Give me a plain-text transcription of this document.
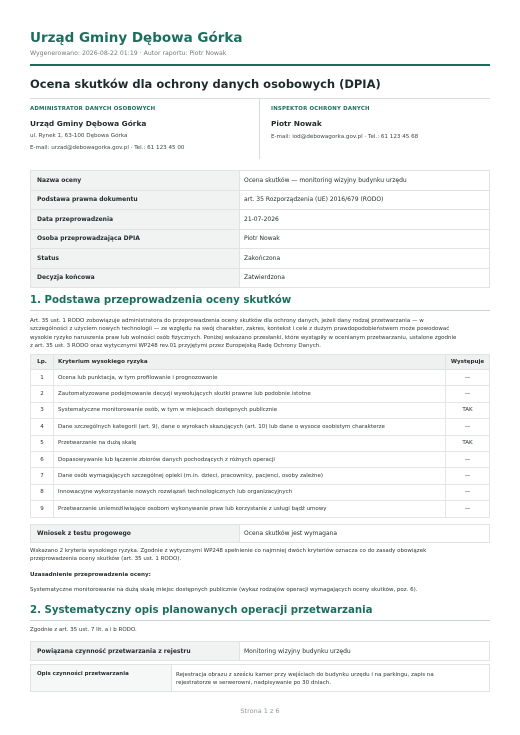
Urząd Gminy Dębowa Górka
Wygenerowano: 2026-08-22 01:19 · Autor raportu: Piotr Nowak
Ocena skutków dla ochrony danych osobowych (DPIA)
ADMINISTRATOR DANYCH OSOBOWYCH
Urząd Gminy Dębowa Górka
ul. Rynek 1, 63-100 Dębowa Górka
E-mail: urzad@debowagorka.gov.pl · Tel.: 61 123 45 00
INSPEKTOR OCHRONY DANYCH
Piotr Nowak
E-mail: iod@debowagorka.gov.pl · Tel.: 61 123 45 68
Nazwa oceny	Ocena skutków — monitoring wizyjny budynku urzędu
Podstawa prawna dokumentu	art. 35 Rozporządzenia (UE) 2016/679 (RODO)
Data przeprowadzenia	21-07-2026
Osoba przeprowadzająca DPIA	Piotr Nowak
Status	Zakończona
Decyzja końcowa	Zatwierdzona
1. Podstawa przeprowadzenia oceny skutków
Art. 35 ust. 1 RODO zobowiązuje administratora do przeprowadzenia oceny skutków dla ochrony danych, jeżeli dany rodzaj przetwarzania — w
szczególności z użyciem nowych technologii — ze względu na swój charakter, zakres, kontekst i cele z dużym prawdopodobieństwem może powodować
wysokie ryzyko naruszenia praw lub wolności osób fizycznych. Poniżej wskazano przesłanki, które wystąpiły w ocenianym przetwarzaniu, ustalone zgodnie
z art. 35 ust. 3 RODO oraz wytycznymi WP248 rev.01 przyjętymi przez Europejską Radę Ochrony Danych.
Lp.	Kryterium wysokiego ryzyka	Występuje
1	Ocena lub punktacja, w tym profilowanie i prognozowanie	—
2	Zautomatyzowane podejmowanie decyzji wywołujących skutki prawne lub podobnie istotne	—
3	Systematyczne monitorowanie osób, w tym w miejscach dostępnych publicznie	TAK
4	Dane szczególnych kategorii (art. 9), dane o wyrokach skazujących (art. 10) lub dane o wysoce osobistym charakterze	—
5	Przetwarzanie na dużą skalę	TAK
6	Dopasowywanie lub łączenie zbiorów danych pochodzących z różnych operacji	—
7	Dane osób wymagających szczególnej opieki (m.in. dzieci, pracownicy, pacjenci, osoby zależne)	—
8	Innowacyjne wykorzystanie nowych rozwiązań technologicznych lub organizacyjnych	—
9	Przetwarzanie uniemożliwiające osobom wykonywanie praw lub korzystanie z usługi bądź umowy	—
Wniosek z testu progowego	Ocena skutków jest wymagana
Wskazano 2 kryteria wysokiego ryzyka. Zgodnie z wytycznymi WP248 spełnienie co najmniej dwóch kryteriów oznacza co do zasady obowiązek
przeprowadzenia oceny skutków (art. 35 ust. 1 RODO).
Uzasadnienie przeprowadzenia oceny:
Systematyczne monitorowanie na dużą skalę miejsc dostępnych publicznie (wykaz rodzajów operacji wymagających oceny skutków, poz. 6).
2. Systematyczny opis planowanych operacji przetwarzania
Zgodnie z art. 35 ust. 7 lit. a i b RODO.
Powiązana czynność przetwarzania z rejestru	Monitoring wizyjny budynku urzędu
Opis czynności przetwarzania	Rejestracja obrazu z sześciu kamer przy wejściach do budynku urzędu i na parkingu, zapis na
rejestratorze w serwerowni, nadpisywanie po 30 dniach.
Strona 1 z 6
